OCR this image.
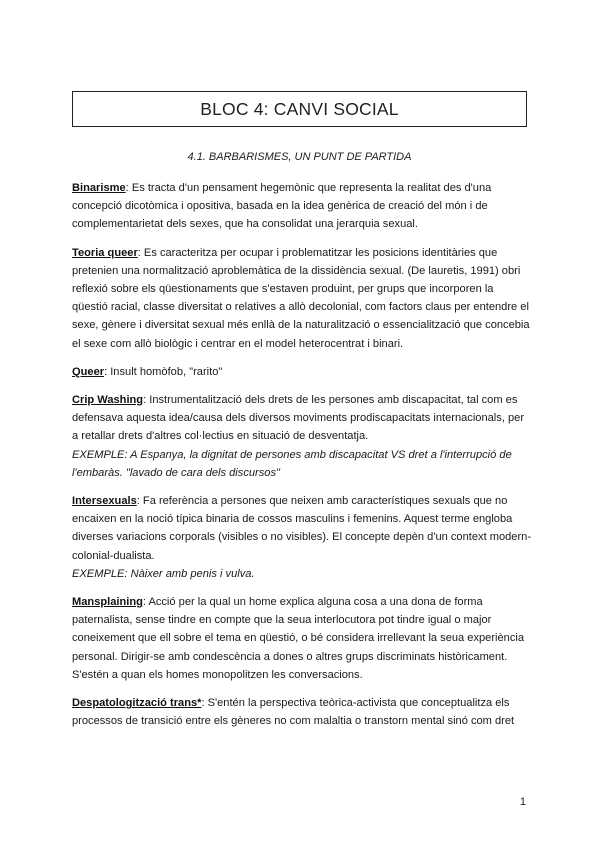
BLOC 4: CANVI SOCIAL
4.1. BARBARISMES, UN PUNT DE PARTIDA

Binarisme: Es tracta d'un pensament hegemònic que representa la realitat des d'una concepció dicotòmica i opositiva, basada en la idea genèrica de creació del món i de complementarietat dels sexes, que ha consolidat una jerarquia sexual.

Teoria queer: Es caracteritza per ocupar i problematitzar les posicions identitàries que pretenien una normalització aproblemàtica de la dissidència sexual. (De lauretis, 1991) obri reflexió sobre els qüestionaments que s'estaven produint, per grups que incorporen la qüestió racial, classe diversitat o relatives a allò decolonial, com factors claus per entendre el sexe, gènere i diversitat sexual més enllà de la naturalització o essencialització que concebia el sexe com allò biològic i centrar en el model heterocentrat i binari.

Queer: Insult homòfob, "rarito"

Crip Washing: Instrumentalització dels drets de les persones amb discapacitat, tal com es defensava aquesta idea/causa dels diversos moviments prodiscapacitats internacionals, per a retallar drets d'altres col·lectius en situació de desventatja.
EXEMPLE: A Espanya, la dignitat de persones amb discapacitat VS dret a l'interrupció de l'embaràs. "lavado de cara dels discursos"

Intersexuals: Fa referència a persones que neixen amb característiques sexuals que no encaixen en la noció típica binaria de cossos masculins i femenins. Aquest terme engloba diverses variacions corporals (visibles o no visibles). El concepte depèn d'un context modern-colonial-dualista.
EXEMPLE: Nàixer amb penis i vulva.

Mansplaining: Acció per la qual un home explica alguna cosa a una dona de forma paternalista, sense tindre en compte que la seua interlocutora pot tindre igual o major coneixement que ell sobre el tema en qüestió, o bé considera irrellevant la seua experiència personal. Dirigir-se amb condescència a dones o altres grups discriminats històricament. S'estén a quan els homes monopolitzen les conversacions.

Despatologització trans*: S'entén la perspectiva teòrica-activista que conceptualitza els processos de transició entre els gèneres no com malaltia o transtorn mental sinó com dret

1
